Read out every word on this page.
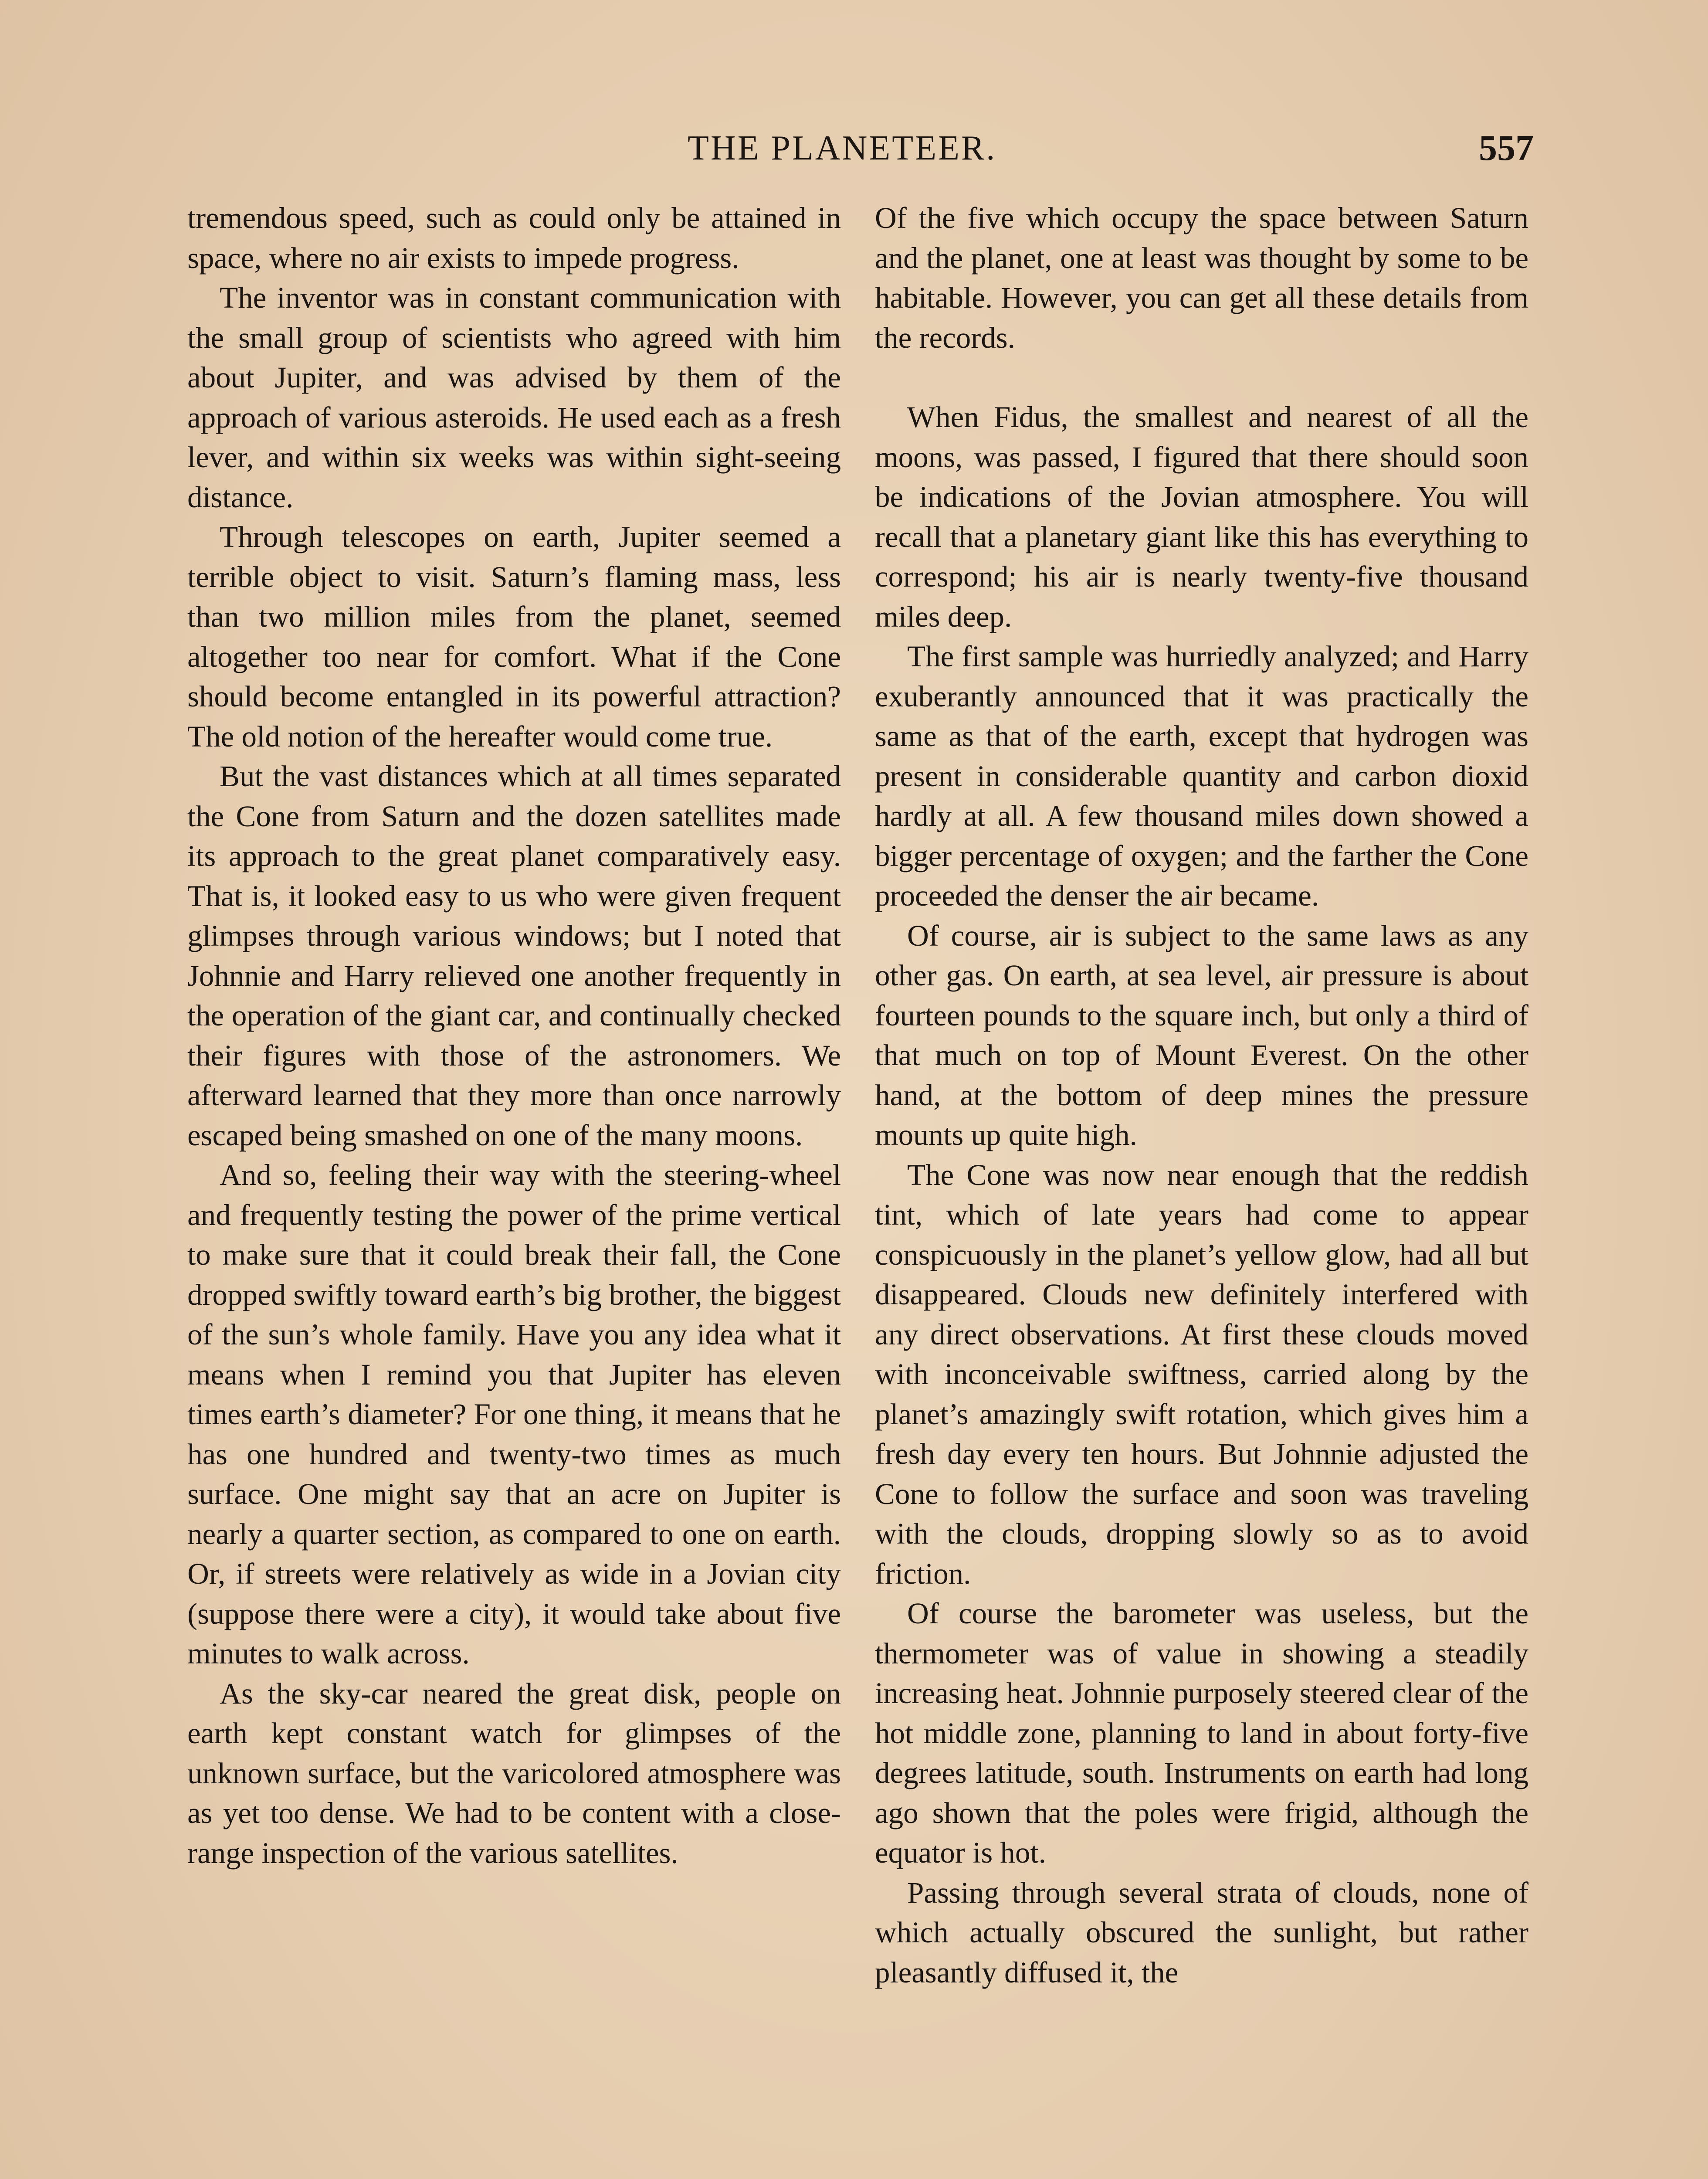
THE PLANETEER.	557

tremendous speed, such as could only be attained in space, where no air exists to impede progress.

The inventor was in constant communication with the small group of scientists who agreed with him about Jupiter, and was advised by them of the approach of various asteroids. He used each as a fresh lever, and within six weeks was within sight-seeing distance.

Through telescopes on earth, Jupiter seemed a terrible object to visit. Saturn’s flaming mass, less than two million miles from the planet, seemed altogether too near for comfort. What if the Cone should become entangled in its powerful attraction? The old notion of the hereafter would come true.

But the vast distances which at all times separated the Cone from Saturn and the dozen satellites made its approach to the great planet comparatively easy. That is, it looked easy to us who were given frequent glimpses through various windows; but I noted that Johnnie and Harry relieved one another frequently in the operation of the giant car, and continually checked their figures with those of the astronomers. We afterward learned that they more than once narrowly escaped being smashed on one of the many moons.

And so, feeling their way with the steering-wheel and frequently testing the power of the prime vertical to make sure that it could break their fall, the Cone dropped swiftly toward earth’s big brother, the biggest of the sun’s whole family. Have you any idea what it means when I remind you that Jupiter has eleven times earth’s diameter? For one thing, it means that he has one hundred and twenty-two times as much surface. One might say that an acre on Jupiter is nearly a quarter section, as compared to one on earth. Or, if streets were relatively as wide in a Jovian city (suppose there were a city), it would take about five minutes to walk across.

As the sky-car neared the great disk, people on earth kept constant watch for glimpses of the unknown surface, but the varicolored atmosphere was as yet too dense. We had to be content with a close-range inspection of the various satellites.

Of the five which occupy the space between Saturn and the planet, one at least was thought by some to be habitable. However, you can get all these details from the records.

When Fidus, the smallest and nearest of all the moons, was passed, I figured that there should soon be indications of the Jovian atmosphere. You will recall that a planetary giant like this has everything to correspond; his air is nearly twenty-five thousand miles deep.

The first sample was hurriedly analyzed; and Harry exuberantly announced that it was practically the same as that of the earth, except that hydrogen was present in considerable quantity and carbon dioxid hardly at all. A few thousand miles down showed a bigger percentage of oxygen; and the farther the Cone proceeded the denser the air became.

Of course, air is subject to the same laws as any other gas. On earth, at sea level, air pressure is about fourteen pounds to the square inch, but only a third of that much on top of Mount Everest. On the other hand, at the bottom of deep mines the pressure mounts up quite high.

The Cone was now near enough that the reddish tint, which of late years had come to appear conspicuously in the planet’s yellow glow, had all but disappeared. Clouds new definitely interfered with any direct observations. At first these clouds moved with inconceivable swiftness, carried along by the planet’s amazingly swift rotation, which gives him a fresh day every ten hours. But Johnnie adjusted the Cone to follow the surface and soon was traveling with the clouds, dropping slowly so as to avoid friction.

Of course the barometer was useless, but the thermometer was of value in showing a steadily increasing heat. Johnnie purposely steered clear of the hot middle zone, planning to land in about forty-five degrees latitude, south. Instruments on earth had long ago shown that the poles were frigid, although the equator is hot.

Passing through several strata of clouds, none of which actually obscured the sunlight, but rather pleasantly diffused it, the
